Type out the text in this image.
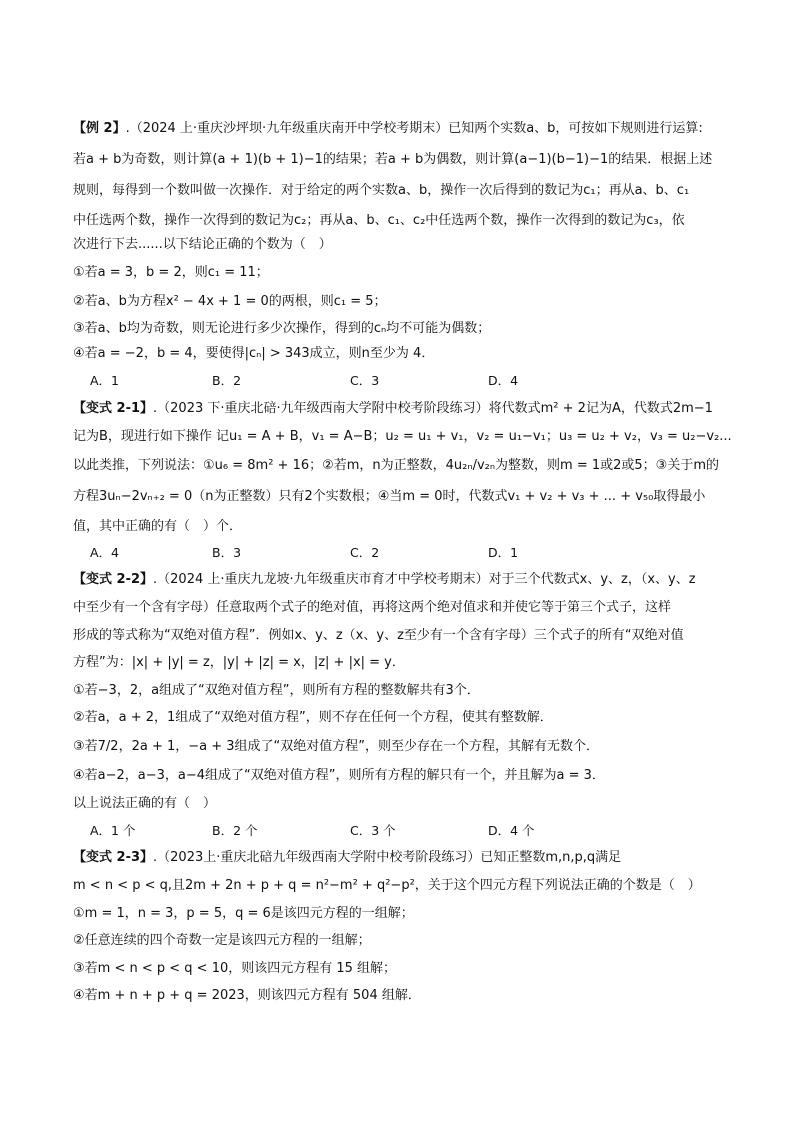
【例 2】.（2024 上·重庆沙坪坝·九年级重庆南开中学校考期末）已知两个实数a、b，可按如下规则进行运算:
若a + b为奇数，则计算(a + 1)(b + 1)−1的结果；若a + b为偶数，则计算(a−1)(b−1)−1的结果．根据上述
规则，每得到一个数叫做一次操作．对于给定的两个实数a、b，操作一次后得到的数记为c₁；再从a、b、c₁
中任选两个数，操作一次得到的数记为c₂；再从a、b、c₁、c₂中任选两个数，操作一次得到的数记为c₃，依
次进行下去......以下结论正确的个数为（　）
①若a = 3，b = 2，则c₁ = 11；
②若a、b为方程x² − 4x + 1 = 0的两根，则c₁ = 5；
③若a、b均为奇数，则无论进行多少次操作，得到的cₙ均不可能为偶数；
④若a = −2，b = 4，要使得|cₙ| > 343成立，则n至少为 4．
A．1	B．2	C．3	D．4
【变式 2-1】.（2023 下·重庆北碚·九年级西南大学附中校考阶段练习）将代数式m² + 2记为A，代数式2m−1
记为B，现进行如下操作 记u₁ = A + B，v₁ = A−B；u₂ = u₁ + v₁，v₂ = u₁−v₁；u₃ = u₂ + v₂，v₃ = u₂−v₂...
以此类推，下列说法：①u₆ = 8m² + 16；②若m，n为正整数，4u₂ₙ/v₂ₙ为整数，则m = 1或2或5；③关于m的
方程3uₙ−2vₙ₊₂ = 0（n为正整数）只有2个实数根；④当m = 0时，代数式v₁ + v₂ + v₃ + ... + v₅₀取得最小
值，其中正确的有（　）个．
A．4	B．3	C．2	D．1
【变式 2-2】.（2024 上·重庆九龙坡·九年级重庆市育才中学校考期末）对于三个代数式x、y、z，（x、y、z
中至少有一个含有字母）任意取两个式子的绝对值，再将这两个绝对值求和并使它等于第三个式子，这样
形成的等式称为“双绝对值方程”．例如x、y、z（x、y、z至少有一个含有字母）三个式子的所有“双绝对值
方程”为：|x| + |y| = z，|y| + |z| = x，|z| + |x| = y．
①若−3，2，a组成了“双绝对值方程”，则所有方程的整数解共有3个．
②若a，a + 2，1组成了“双绝对值方程”，则不存在任何一个方程，使其有整数解．
③若7/2，2a + 1，−a + 3组成了“双绝对值方程”，则至少存在一个方程，其解有无数个．
④若a−2，a−3，a−4组成了“双绝对值方程”，则所有方程的解只有一个，并且解为a = 3．
以上说法正确的有（　）
A．1 个	B．2 个	C．3 个	D．4 个
【变式 2-3】.（2023上·重庆北碚九年级西南大学附中校考阶段练习）已知正整数m,n,p,q满足
m < n < p < q,且2m + 2n + p + q = n²−m² + q²−p²，关于这个四元方程下列说法正确的个数是（　）
①m = 1，n = 3，p = 5，q = 6是该四元方程的一组解；
②任意连续的四个奇数一定是该四元方程的一组解；
③若m < n < p < q < 10，则该四元方程有 15 组解；
④若m + n + p + q = 2023，则该四元方程有 504 组解．
